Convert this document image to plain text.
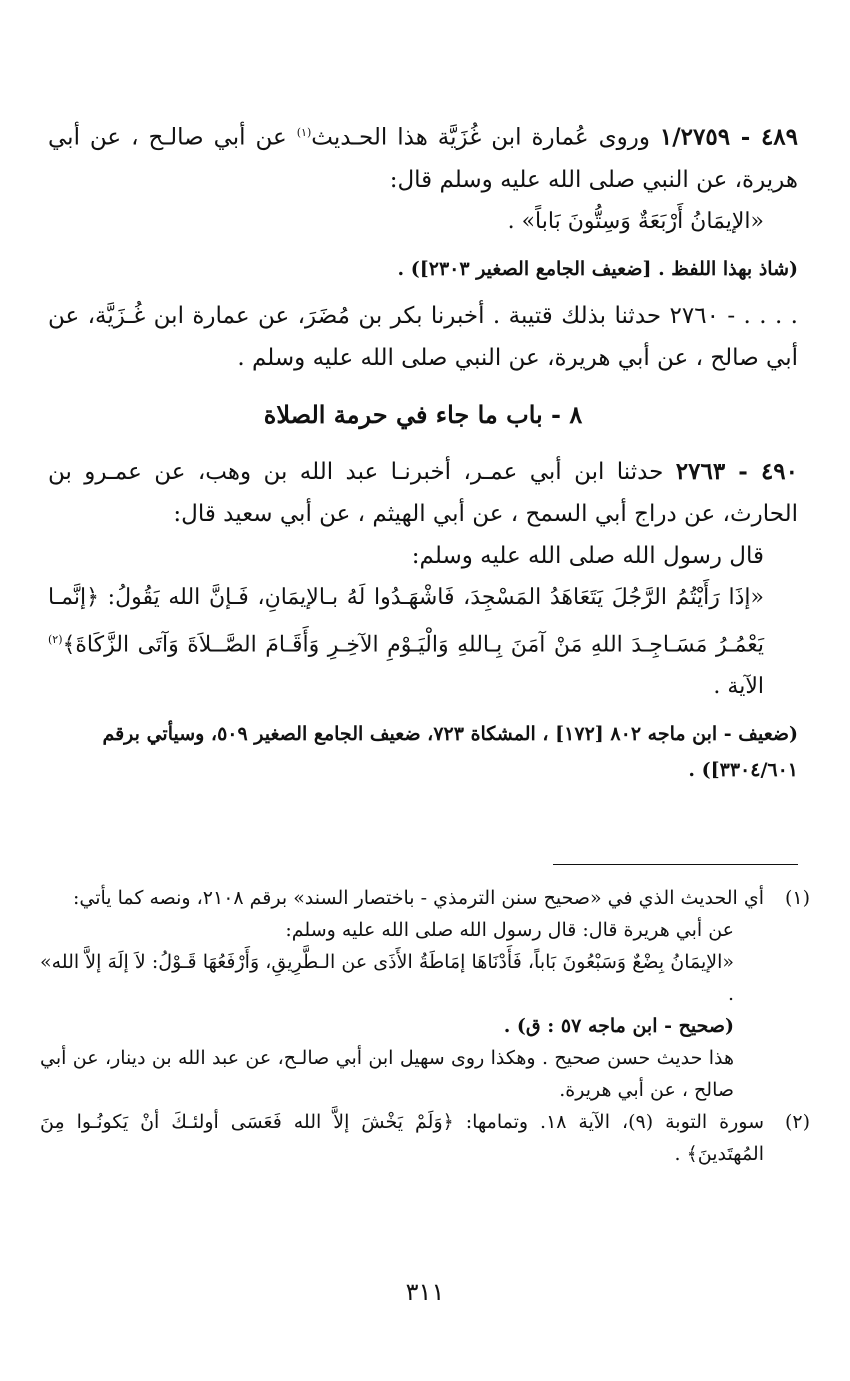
٤٨٩ - ١/٢٧٥٩ وروى عُمارة ابن غُزَيَّة هذا الحـديث$^{(١)}$ عن أبي صالـح ، عن أبي هريرة، عن النبي صلى الله عليه وسلم قال:

«الإيمَانُ أَرْبَعَةٌ وَسِتُّونَ بَاباً» .

(شاذ بهذا اللفظ . [ضعيف الجامع الصغير ٢٣٠٣]) .

. . . . - ٢٧٦٠ حدثنا بذلك قتيبة . أخبرنا بكر بن مُضَرَ، عن عمارة ابن غُـزَيَّة، عن أبي صالح ، عن أبي هريرة، عن النبي صلى الله عليه وسلم .

٨ - باب ما جاء في حرمة الصلاة

٤٩٠ - ٢٧٦٣ حدثنا ابن أبي عمـر، أخبرنـا عبد الله بن وهب، عن عمـرو بن الحارث، عن دراج أبي السمح ، عن أبي الهيثم ، عن أبي سعيد قال:

قال رسول الله صلى الله عليه وسلم:

«إذَا رَأَيْتُمُ الرَّجُلَ يَتَعَاهَدُ المَسْجِدَ، فَاشْهَـدُوا لَهُ بـالإيمَانِ، فَـإنَّ الله يَقُولُ: ﴿إنَّمـا يَعْمُـرُ مَسَـاجِـدَ اللهِ مَنْ آمَنَ بِـاللهِ وَالْيَـوْمِ الآخِـرِ وَأَقَـامَ الصَّــلاَةَ وَآتَى الزَّكَاةَ﴾$^{(٢)}$ الآية .

(ضعيف - ابن ماجه ٨٠٢ [١٧٢] ، المشكاة ٧٢٣، ضعيف الجامع الصغير ٥٠٩، وسيأتي برقم ٣٣٠٤/٦٠١]) .

(١)

أي الحديث الذي في «صحيح سنن الترمذي - باختصار السند» برقم ٢١٠٨، ونصه كما يأتي:

عن أبي هريرة قال: قال رسول الله صلى الله عليه وسلم:

«الإيمَانُ بِضْعٌ وَسَبْعُونَ بَاباً، فَأَدْنَاهَا إمَاطَةُ الأَذَى عن الـطَّرِيقِ، وَأَرْفَعُهَا قَـوْلُ: لاَ إلَهَ إلاَّ الله» .

(صحيح - ابن ماجه ٥٧ : ق) .

هذا حديث حسن صحيح . وهكذا روى سهيل ابن أبي صالـح، عن عبد الله بن دينار، عن أبي صالح ، عن أبي هريرة.

(٢)
سورة التوبة (٩)، الآية ١٨. وتمامها: ﴿وَلَمْ يَخْشَ إلاَّ الله فَعَسَى أولئـكَ أنْ يَكونُـوا مِنَ المُهتَدينَ﴾ .
٣١١
